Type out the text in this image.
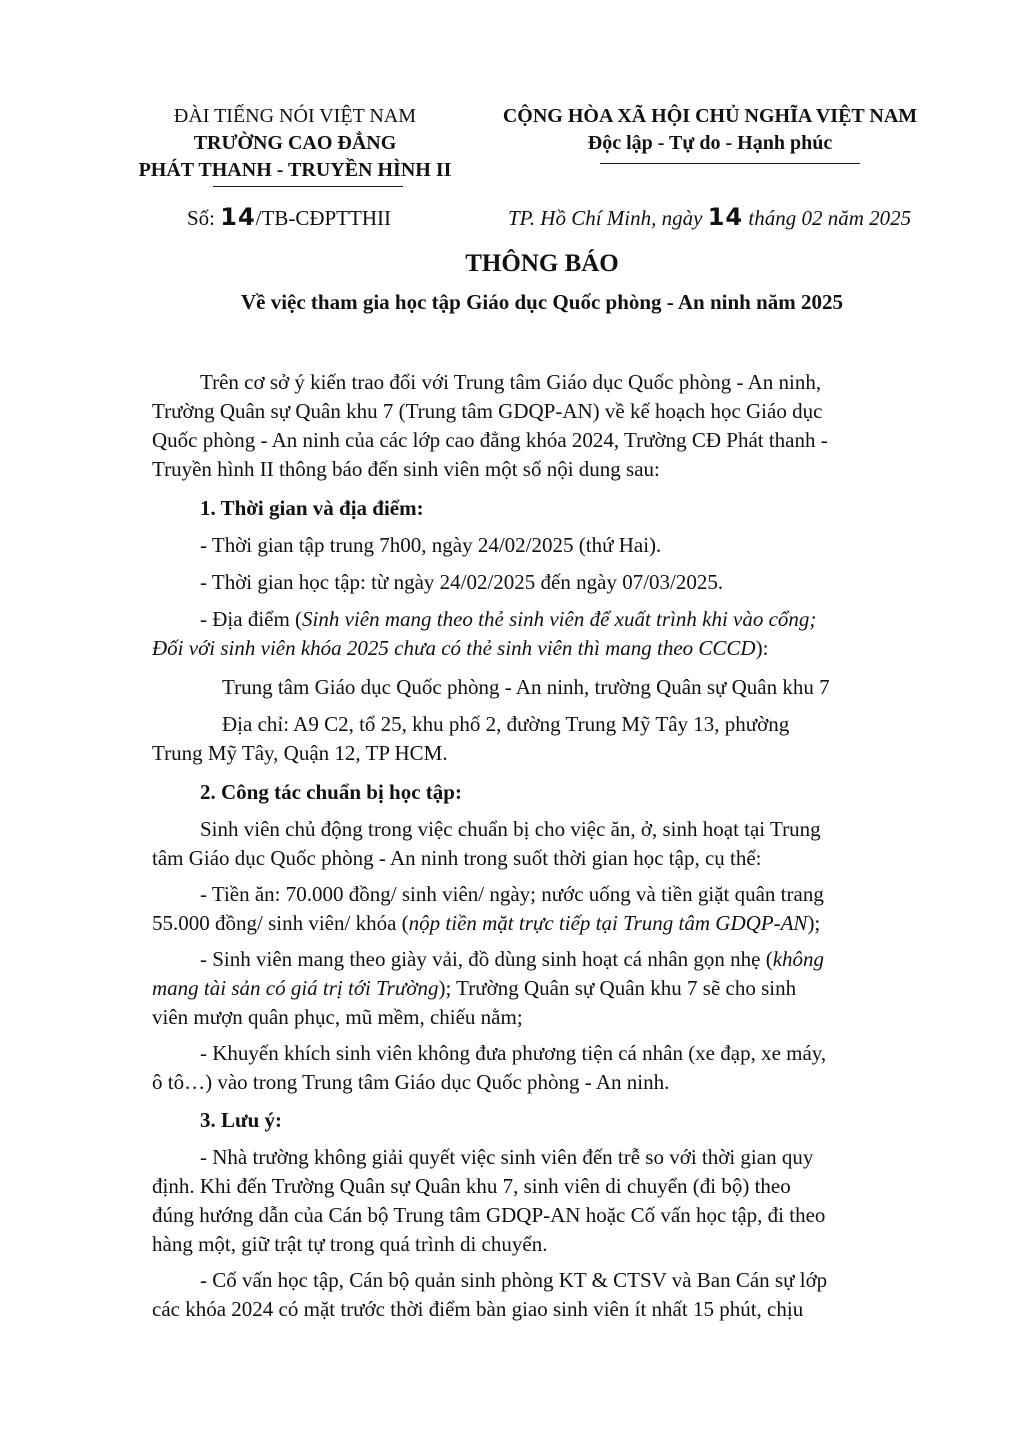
ĐÀI TIẾNG NÓI VIỆT NAM
TRƯỜNG CAO ĐẲNG
PHÁT THANH - TRUYỀN HÌNH II
CỘNG HÒA XÃ HỘI CHỦ NGHĨA VIỆT NAM
Độc lập - Tự do - Hạnh phúc
Số: 14/TB-CĐPTTHII	TP. Hồ Chí Minh, ngày 14 tháng 02 năm 2025
THÔNG BÁO
Về việc tham gia học tập Giáo dục Quốc phòng - An ninh năm 2025
Trên cơ sở ý kiến trao đổi với Trung tâm Giáo dục Quốc phòng - An ninh,
Trường Quân sự Quân khu 7 (Trung tâm GDQP-AN) về kế hoạch học Giáo dục
Quốc phòng - An ninh của các lớp cao đẳng khóa 2024, Trường CĐ Phát thanh -
Truyền hình II thông báo đến sinh viên một số nội dung sau:
1. Thời gian và địa điểm:
- Thời gian tập trung 7h00, ngày 24/02/2025 (thứ Hai).
- Thời gian học tập: từ ngày 24/02/2025 đến ngày 07/03/2025.
- Địa điểm (Sinh viên mang theo thẻ sinh viên để xuất trình khi vào cổng;
Đối với sinh viên khóa 2025 chưa có thẻ sinh viên thì mang theo CCCD):
Trung tâm Giáo dục Quốc phòng - An ninh, trường Quân sự Quân khu 7
Địa chỉ: A9 C2, tổ 25, khu phố 2, đường Trung Mỹ Tây 13, phường
Trung Mỹ Tây, Quận 12, TP HCM.
2. Công tác chuẩn bị học tập:
Sinh viên chủ động trong việc chuẩn bị cho việc ăn, ở, sinh hoạt tại Trung
tâm Giáo dục Quốc phòng - An ninh trong suốt thời gian học tập, cụ thể:
- Tiền ăn: 70.000 đồng/ sinh viên/ ngày; nước uống và tiền giặt quân trang
55.000 đồng/ sinh viên/ khóa (nộp tiền mặt trực tiếp tại Trung tâm GDQP-AN);
- Sinh viên mang theo giày vải, đồ dùng sinh hoạt cá nhân gọn nhẹ (không
mang tài sản có giá trị tới Trường); Trường Quân sự Quân khu 7 sẽ cho sinh
viên mượn quân phục, mũ mềm, chiếu nằm;
- Khuyến khích sinh viên không đưa phương tiện cá nhân (xe đạp, xe máy,
ô tô…) vào trong Trung tâm Giáo dục Quốc phòng - An ninh.
3. Lưu ý:
- Nhà trường không giải quyết việc sinh viên đến trễ so với thời gian quy
định. Khi đến Trường Quân sự Quân khu 7, sinh viên di chuyển (đi bộ) theo
đúng hướng dẫn của Cán bộ Trung tâm GDQP-AN hoặc Cố vấn học tập, đi theo
hàng một, giữ trật tự trong quá trình di chuyển.
- Cố vấn học tập, Cán bộ quản sinh phòng KT & CTSV và Ban Cán sự lớp
các khóa 2024 có mặt trước thời điểm bàn giao sinh viên ít nhất 15 phút, chịu
